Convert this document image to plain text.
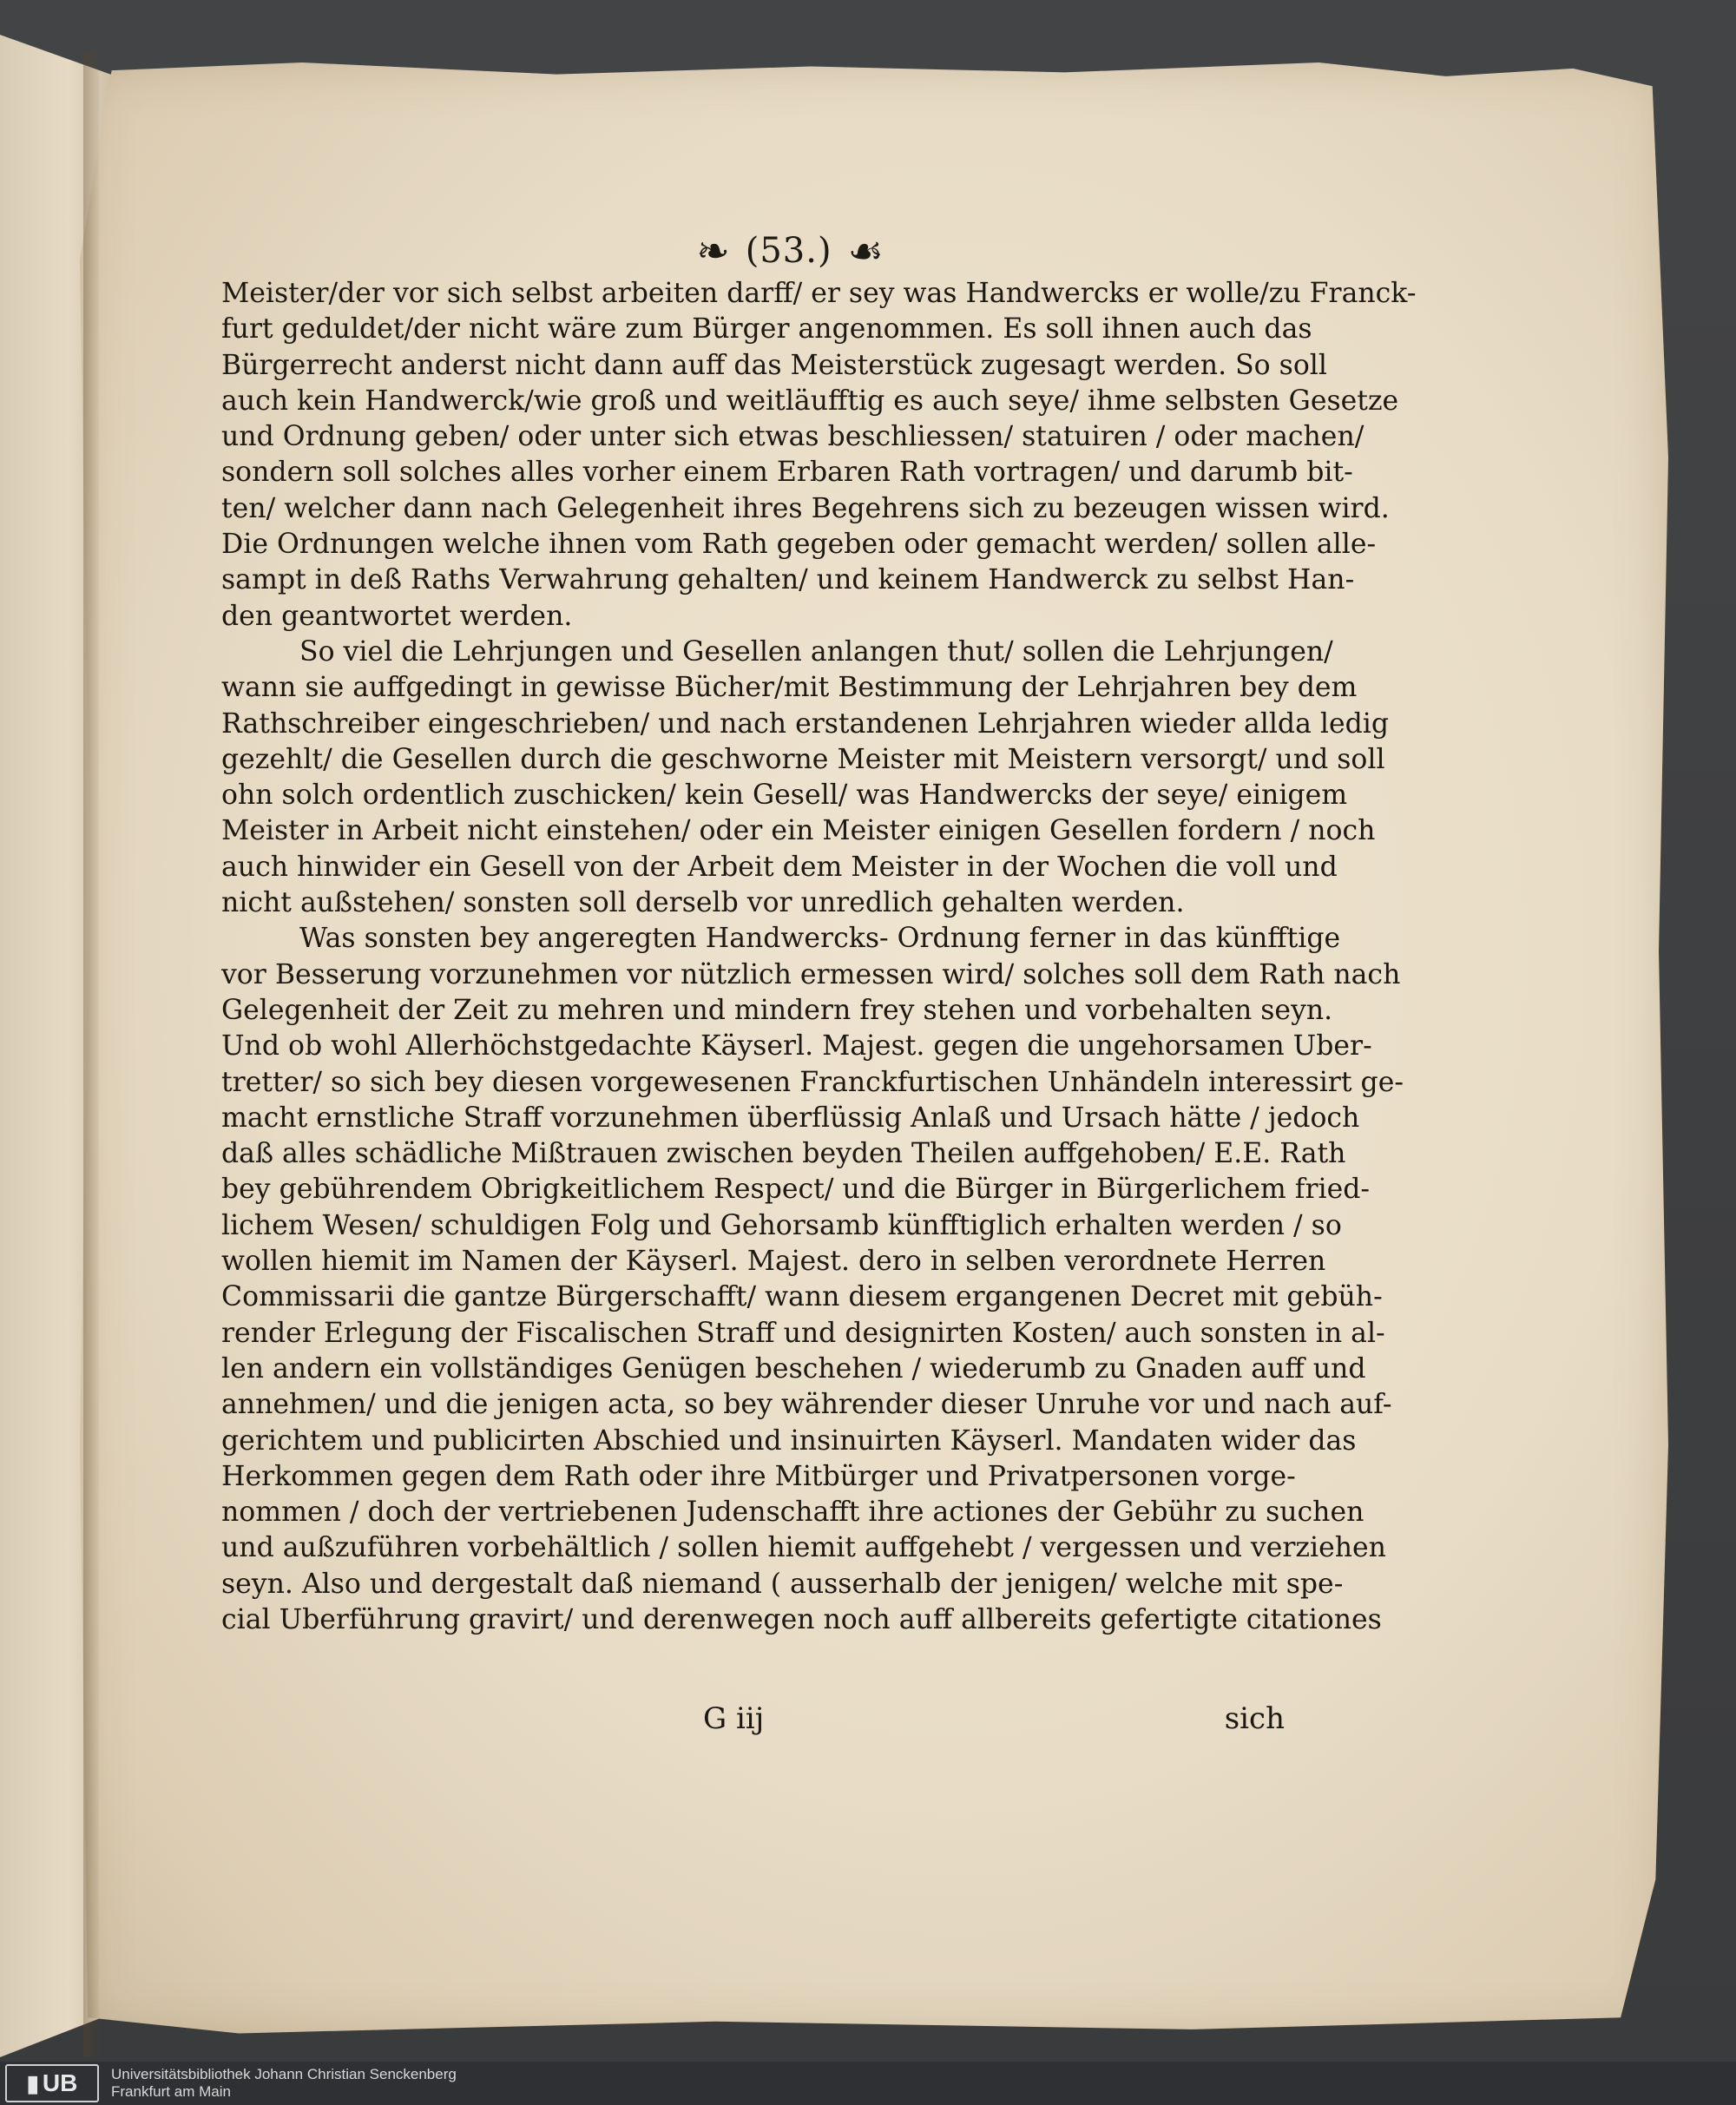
❧ (53.) ☙
Meister/der vor sich selbst arbeiten darff/ er sey was Handwercks er wolle/zu Franck-
furt geduldet/der nicht wäre zum Bürger angenommen. Es soll ihnen auch das
Bürgerrecht anderst nicht dann auff das Meisterstück zugesagt werden. So soll
auch kein Handwerck/wie groß und weitläufftig es auch seye/ ihme selbsten Gesetze
und Ordnung geben/ oder unter sich etwas beschliessen/ statuiren / oder machen/
sondern soll solches alles vorher einem Erbaren Rath vortragen/ und darumb bit-
ten/ welcher dann nach Gelegenheit ihres Begehrens sich zu bezeugen wissen wird.
Die Ordnungen welche ihnen vom Rath gegeben oder gemacht werden/ sollen alle-
sampt in deß Raths Verwahrung gehalten/ und keinem Handwerck zu selbst Han-
den geantwortet werden.
So viel die Lehrjungen und Gesellen anlangen thut/ sollen die Lehrjungen/
wann sie auffgedingt in gewisse Bücher/mit Bestimmung der Lehrjahren bey dem
Rathschreiber eingeschrieben/ und nach erstandenen Lehrjahren wieder allda ledig
gezehlt/ die Gesellen durch die geschworne Meister mit Meistern versorgt/ und soll
ohn solch ordentlich zuschicken/ kein Gesell/ was Handwercks der seye/ einigem
Meister in Arbeit nicht einstehen/ oder ein Meister einigen Gesellen fordern / noch
auch hinwider ein Gesell von der Arbeit dem Meister in der Wochen die voll und
nicht außstehen/ sonsten soll derselb vor unredlich gehalten werden.
Was sonsten bey angeregten Handwercks- Ordnung ferner in das künfftige
vor Besserung vorzunehmen vor nützlich ermessen wird/ solches soll dem Rath nach
Gelegenheit der Zeit zu mehren und mindern frey stehen und vorbehalten seyn.
Und ob wohl Allerhöchstgedachte Käyserl. Majest. gegen die ungehorsamen Uber-
tretter/ so sich bey diesen vorgewesenen Franckfurtischen Unhändeln interessirt ge-
macht ernstliche Straff vorzunehmen überflüssig Anlaß und Ursach hätte / jedoch
daß alles schädliche Mißtrauen zwischen beyden Theilen auffgehoben/ E.E. Rath
bey gebührendem Obrigkeitlichem Respect/ und die Bürger in Bürgerlichem fried-
lichem Wesen/ schuldigen Folg und Gehorsamb künfftiglich erhalten werden / so
wollen hiemit im Namen der Käyserl. Majest. dero in selben verordnete Herren
Commissarii die gantze Bürgerschafft/ wann diesem ergangenen Decret mit gebüh-
render Erlegung der Fiscalischen Straff und designirten Kosten/ auch sonsten in al-
len andern ein vollständiges Genügen beschehen / wiederumb zu Gnaden auff und
annehmen/ und die jenigen acta, so bey währender dieser Unruhe vor und nach auf-
gerichtem und publicirten Abschied und insinuirten Käyserl. Mandaten wider das
Herkommen gegen dem Rath oder ihre Mitbürger und Privatpersonen vorge-
nommen / doch der vertriebenen Judenschafft ihre actiones der Gebühr zu suchen
und außzuführen vorbehältlich / sollen hiemit auffgehebt / vergessen und verziehen
seyn. Also und dergestalt daß niemand ( ausserhalb der jenigen/ welche mit spe-
cial Uberführung gravirt/ und derenwegen noch auff allbereits gefertigte citationes
G iij	sich
▮ UB Universitätsbibliothek Johann Christian Senckenberg
Frankfurt am Main
